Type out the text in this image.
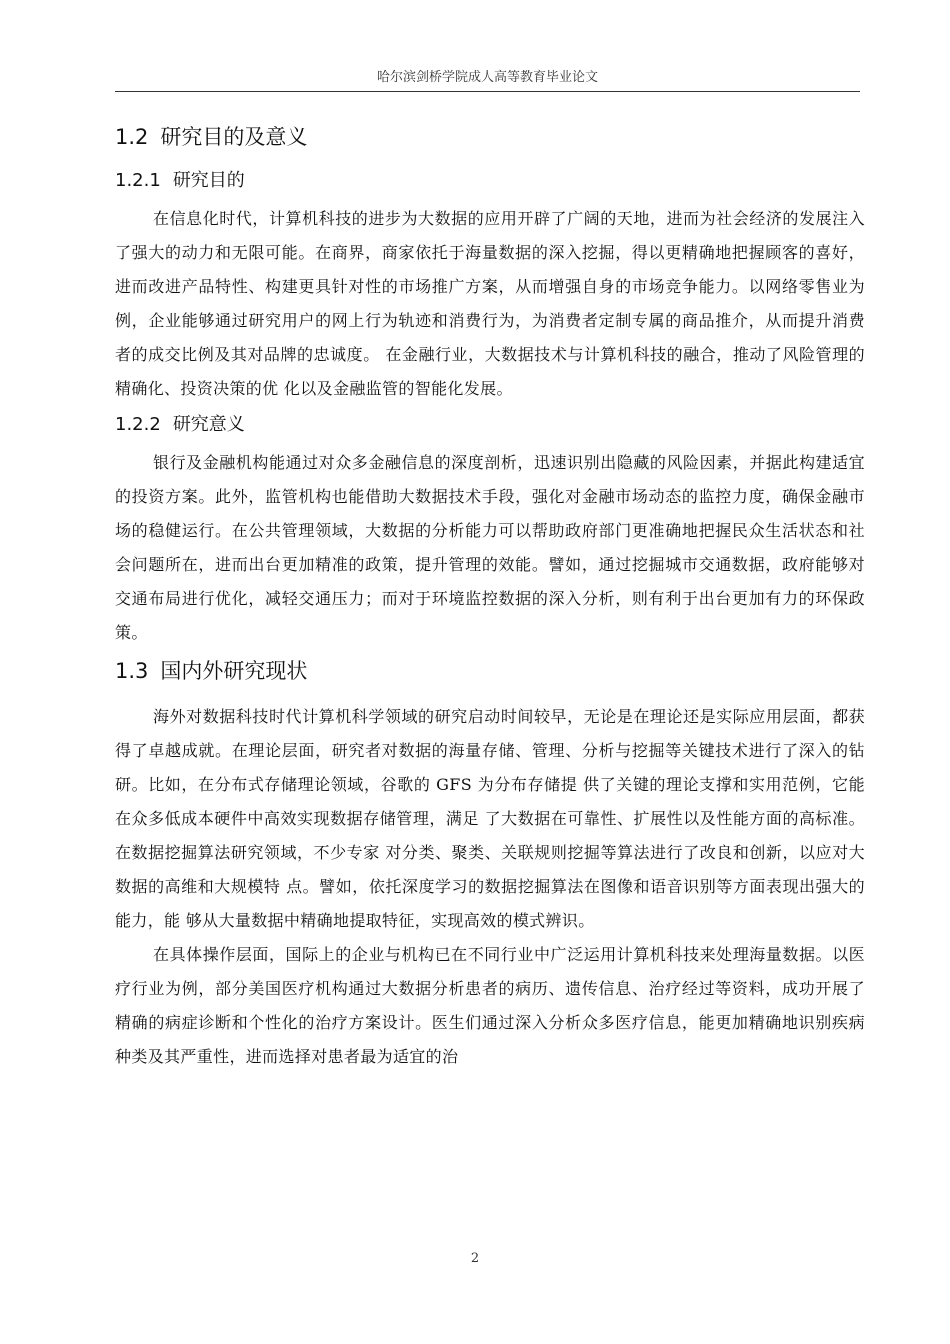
哈尔滨剑桥学院成人高等教育毕业论文
1.2 研究目的及意义
1.2.1 研究目的

在信息化时代，计算机科技的进步为大数据的应用开辟了广阔的天地，进而为社会经济的发展注入了强大的动力和无限可能。在商界，商家依托于海量数据的深入挖掘，得以更精确地把握顾客的喜好，进而改进产品特性、构建更具针对性的市场推广方案，从而增强自身的市场竞争能力。以网络零售业为例，企业能够通过研究用户的网上行为轨迹和消费行为，为消费者定制专属的商品推介，从而提升消费者的成交比例及其对品牌的忠诚度。 在金融行业，大数据技术与计算机科技的融合，推动了风险管理的精确化、投资决策的优 化以及金融监管的智能化发展。

1.2.2 研究意义

银行及金融机构能通过对众多金融信息的深度剖析，迅速识别出隐藏的风险因素，并据此构建适宜的投资方案。此外，监管机构也能借助大数据技术手段，强化对金融市场动态的监控力度，确保金融市场的稳健运行。在公共管理领域，大数据的分析能力可以帮助政府部门更准确地把握民众生活状态和社会问题所在，进而出台更加精准的政策，提升管理的效能。譬如，通过挖掘城市交通数据，政府能够对交通布局进行优化，减轻交通压力；而对于环境监控数据的深入分析，则有利于出台更加有力的环保政策。

1.3 国内外研究现状

海外对数据科技时代计算机科学领域的研究启动时间较早，无论是在理论还是实际应用层面，都获得了卓越成就。在理论层面，研究者对数据的海量存储、管理、分析与挖掘等关键技术进行了深入的钻研。比如，在分布式存储理论领域，谷歌的 GFS 为分布存储提 供了关键的理论支撑和实用范例，它能在众多低成本硬件中高效实现数据存储管理，满足 了大数据在可靠性、扩展性以及性能方面的高标准。在数据挖掘算法研究领域，不少专家 对分类、聚类、关联规则挖掘等算法进行了改良和创新，以应对大数据的高维和大规模特 点。譬如，依托深度学习的数据挖掘算法在图像和语音识别等方面表现出强大的能力，能 够从大量数据中精确地提取特征，实现高效的模式辨识。

在具体操作层面，国际上的企业与机构已在不同行业中广泛运用计算机科技来处理海量数据。以医疗行业为例，部分美国医疗机构通过大数据分析患者的病历、遗传信息、治疗经过等资料，成功开展了精确的病症诊断和个性化的治疗方案设计。医生们通过深入分析众多医疗信息，能更加精确地识别疾病种类及其严重性，进而选择对患者最为适宜的治

2
